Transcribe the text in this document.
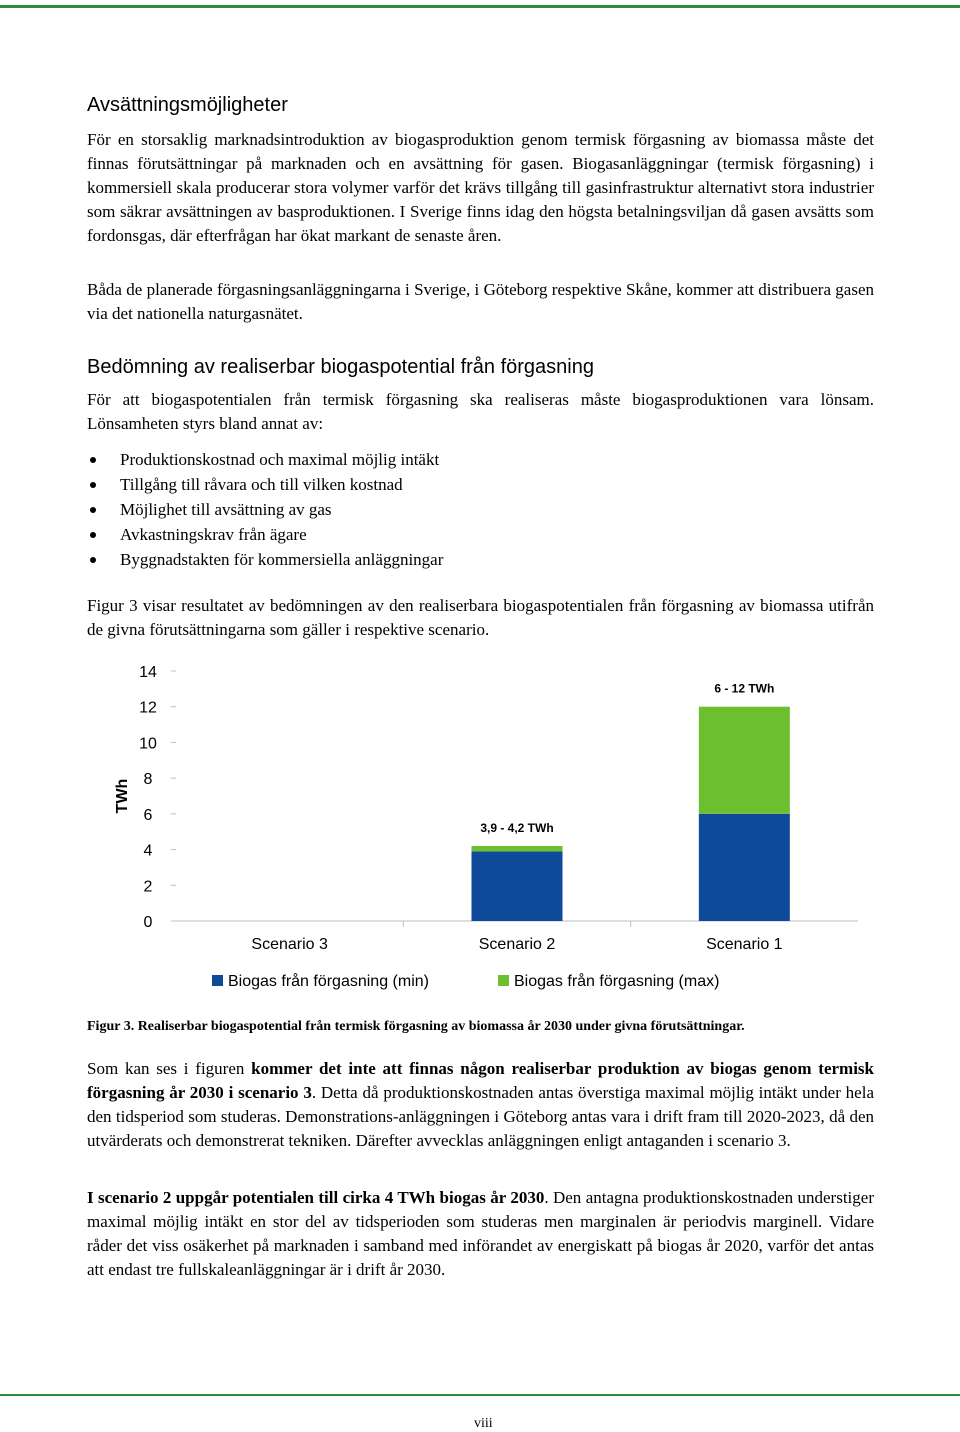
Avsättningsmöjligheter

För en storsaklig marknadsintroduktion av biogasproduktion genom termisk förgasning av biomassa måste det finnas förutsättningar på marknaden och en avsättning för gasen. Biogasanläggningar (termisk förgasning) i kommersiell skala producerar stora volymer varför det krävs tillgång till gasinfrastruktur alternativt stora industrier som säkrar avsättningen av basproduktionen. I Sverige finns idag den högsta betalningsviljan då gasen avsätts som fordonsgas, där efterfrågan har ökat markant de senaste åren.

Båda de planerade förgasningsanläggningarna i Sverige, i Göteborg respektive Skåne, kommer att distribuera gasen via det nationella naturgasnätet.

Bedömning av realiserbar biogaspotential från förgasning

För att biogaspotentialen från termisk förgasning ska realiseras måste biogasproduktionen vara lönsam. Lönsamheten styrs bland annat av:

Produktionskostnad och maximal möjlig intäkt
Tillgång till råvara och till vilken kostnad
Möjlighet till avsättning av gas
Avkastningskrav från ägare
Byggnadstakten för kommersiella anläggningar

Figur 3 visar resultatet av bedömningen av den realiserbara biogaspotentialen från förgasning av biomassa utifrån de givna förutsättningarna som gäller i respektive scenario.

0
2
4
6
8
10
12
14
TWh
Scenario 3
3,9 - 4,2 TWh
Scenario 2
6 - 12 TWh
Scenario 1
Biogas från förgasning (min)	Biogas från förgasning (max)
Figur 3. Realiserbar biogaspotential från termisk förgasning av biomassa år 2030 under givna förutsättningar.

Som kan ses i figuren kommer det inte att finnas någon realiserbar produktion av biogas genom termisk förgasning år 2030 i scenario 3. Detta då produktionskostnaden antas överstiga maximal möjlig intäkt under hela den tidsperiod som studeras. Demonstrations-anläggningen i Göteborg antas vara i drift fram till 2020-2023, då den utvärderats och demonstrerat tekniken. Därefter avvecklas anläggningen enligt antaganden i scenario 3.

I scenario 2 uppgår potentialen till cirka 4 TWh biogas år 2030. Den antagna produktionskostnaden understiger maximal möjlig intäkt en stor del av tidsperioden som studeras men marginalen är periodvis marginell. Vidare råder det viss osäkerhet på marknaden i samband med införandet av energiskatt på biogas år 2020, varför det antas att endast tre fullskaleanläggningar är i drift år 2030.

viii
